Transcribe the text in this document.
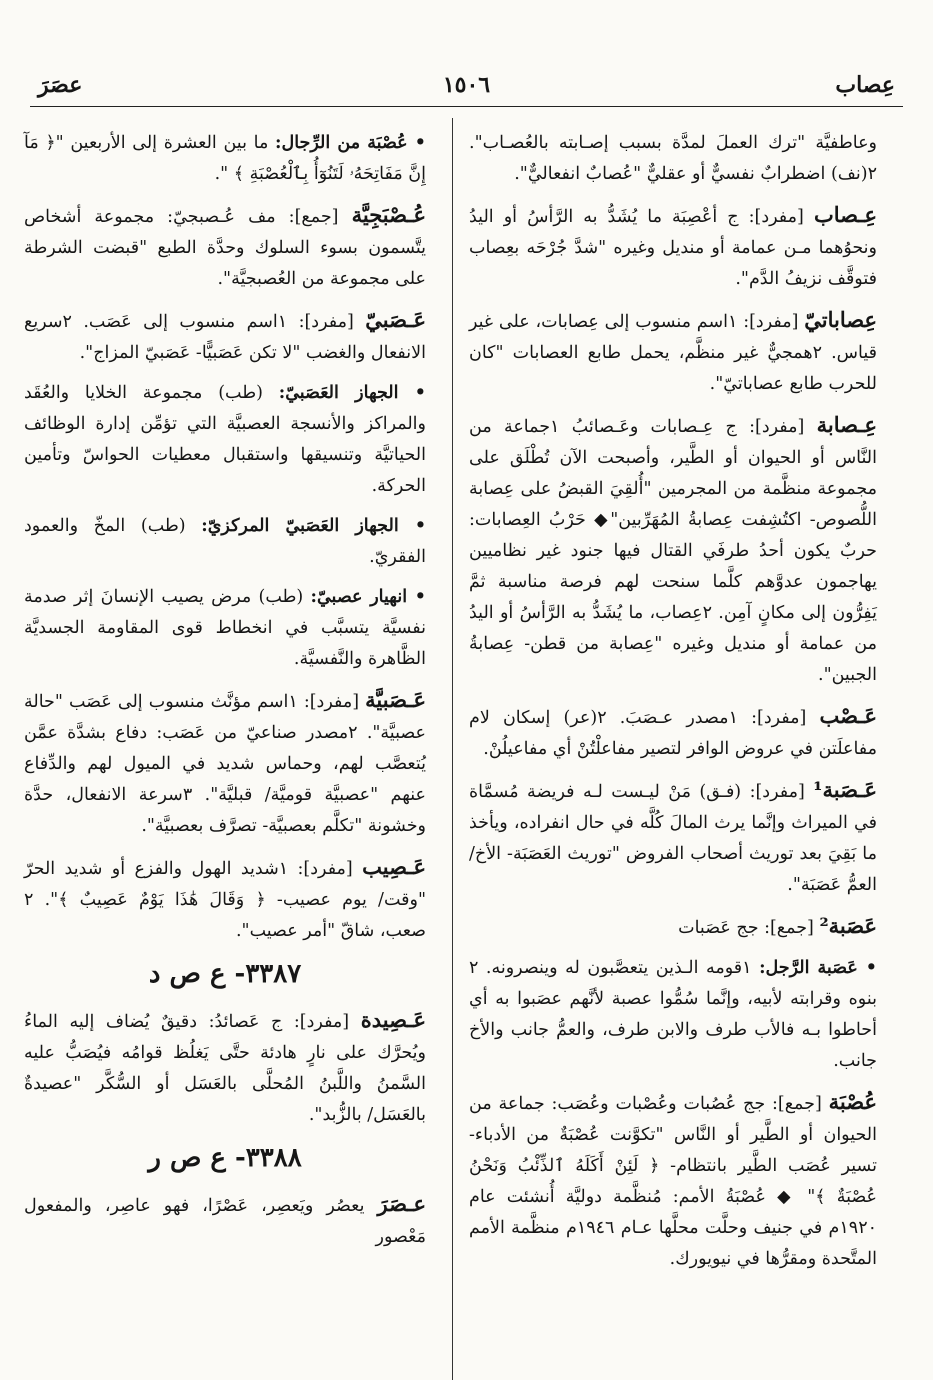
عِصاب
١٥٠٦
عصَرَ
وعاطفيَّة "ترك العملَ لمدَّة بسبب إصـابته بالعُصـاب". ٢(نف) اضطرابٌ نفسيٌّ أو عقليٌّ "عُصابٌ انفعاليٌّ".
عِـصاب [مفرد]: ج أعْصِبَة ما يُشَدُّ به الرَّأسُ أو اليدُ ونحوُهما مـن عمامة أو منديل وغيره "شدَّ جُرْحَه بعِصاب فتوقَّف نزيفُ الدَّم".
عِصاباتيّ [مفرد]: ١اسم منسوب إلى عِصابات، على غير قياس. ٢همجيٌّ غير منظَّم، يحمل طابع العصابات "كان للحرب طابع عصاباتيّ".
عِـصابة [مفرد]: ج عِـصابات وعَـصائبُ ١جماعة من النَّاس أو الحيوان أو الطَّير، وأصبحت الآن تُطْلَق على مجموعة منظَّمة من المجرمين "أُلقِيَ القبضُ على عِصابة اللُّصوص- اكتُشِفت عِصابةُ المُهَرِّبين"◆ حَرْبُ العِصابات: حربٌ يكون أحدُ طرفَي القتال فيها جنود غير نظاميين يهاجمون عدوَّهم كلَّما سنحت لهم فرصة مناسبة ثمَّ يَفِرُّون إلى مكانٍ آمِن. ٢عِصاب، ما يُشَدُّ به الرَّأسُ أو اليدُ من عمامة أو منديل وغيره "عِصابة من قطن- عِصابةُ الجبين".
عَـصْب [مفرد]: ١مصدر عـصَبَ. ٢(عر) إسكان لام مفاعلَتن في عروض الوافر لتصير مفاعلْتُنْ أي مفاعيلُنْ.
عَـصَبة¹ [مفرد]: (فـق) مَنْ ليـست لـه فريضة مُسمَّاة في الميراث وإنَّما يرث المالَ كُلَّه في حال انفراده، ويأخذ ما بَقِيَ بعد توريث أصحاب الفروض "توريث العَصَبَة- الأخ/ العمُّ عَصَبَة".
عَصَبة² [جمع]: جج عَصَبات
• عَصَبة الرَّجل: ١قومه الـذين يتعصَّبون له وينصرونه. ٢ بنوه وقرابته لأبيه، وإنَّما سُمُّوا عصبة لأنَّهم عصَبوا به أي أحاطوا بـه فالأب طرف والابن طرف، والعمُّ جانب والأخ جانب.
عُصْبَة [جمع]: جج عُصُبات وعُصْبات وعُصَب: جماعة من الحيوان أو الطَّير أو النَّاس "تكوَّنت عُصْبَةٌ من الأدباء- تسير عُصَب الطَّير بانتظام- ﴿ لَئِنْ أَكَلَهُ ٱلذِّئْبُ وَنَحْنُ عُصْبَةٌ ﴾" ◆ عُصْبَةُ الأمم: مُنظَّمة دوليَّة أُنشئت عام ١٩٢٠م في جنيف وحلَّت محلَّها عـام ١٩٤٦م منظَّمة الأمم المتَّحدة ومقرُّها في نيويورك.
• عُصْبَة من الرِّجال: ما بين العشرة إلى الأربعين "﴿ مَآ إِنَّ مَفَاتِحَهُۥ لَتَنُوٓأُ بِٱلْعُصْبَةِ ﴾ ".
عُـصْبَجِيَّة [جمع]: مف عُـصبجيّ: مجموعة أشخاص يتَّسمون بسوء السلوك وحدَّة الطبع "قبضت الشرطة على مجموعة من العُصبجيَّة".
عَـصَبيّ [مفرد]: ١اسم منسوب إلى عَصَب. ٢سريع الانفعال والغضب "لا تكن عَصَبيًّا- عَصَبيّ المزاج".
• الجهاز العَصَبيّ: (طب) مجموعة الخلايا والعُقَد والمراكز والأنسجة العصبيَّة التي تؤمِّن إدارة الوظائف الحياتيَّة وتنسيقها واستقبال معطيات الحواسّ وتأمين الحركة.
• الجهاز العَصَبيّ المركزيّ: (طب) المخّ والعمود الفقريّ.
• انهيار عصبيّ: (طب) مرض يصيب الإنسانَ إثر صدمة نفسيَّة يتسبَّب في انخطاط قوى المقاومة الجسديَّة الظَّاهرة والنَّفسيَّة.
عَـصَبيَّة [مفرد]: ١اسم مؤنَّث منسوب إلى عَصَب "حالة عصبيَّة". ٢مصدر صناعيّ من عَصَب: دفاع بشدَّة عمَّن يُتعصَّب لهم، وحماس شديد في الميول لهم والدِّفاع عنهم "عصبيَّة قوميَّة/ قبليَّة". ٣سرعة الانفعال، حدَّة وخشونة "تكلَّم بعصبيَّة- تصرَّف بعصبيَّة".
عَـصِيب [مفرد]: ١شديد الهول والفزع أو شديد الحرّ "وقت/ يوم عصيب- ﴿ وَقَالَ هَٰذَا يَوْمٌ عَصِيبٌ ﴾". ٢ صعب، شاقّ "أمر عصيب".
٣٣٨٧- ع ص د
عَـصِيدة [مفرد]: ج عَصائدُ: دقيقٌ يُضاف إليه الماءُ ويُحرَّك على نارٍ هادئة حتَّى يَغلُظ قوامُه فيُصَبُّ عليه السَّمنُ واللَّبنُ المُحلَّى بالعَسَل أو السُّكَّر "عصيدةٌ بالعَسَل/ بالزُّبد".
٣٣٨٨- ع ص ر
عـصَرَ يعصُر ويَعصِر، عَصْرًا، فهو عاصِر، والمفعول مَعْصور
